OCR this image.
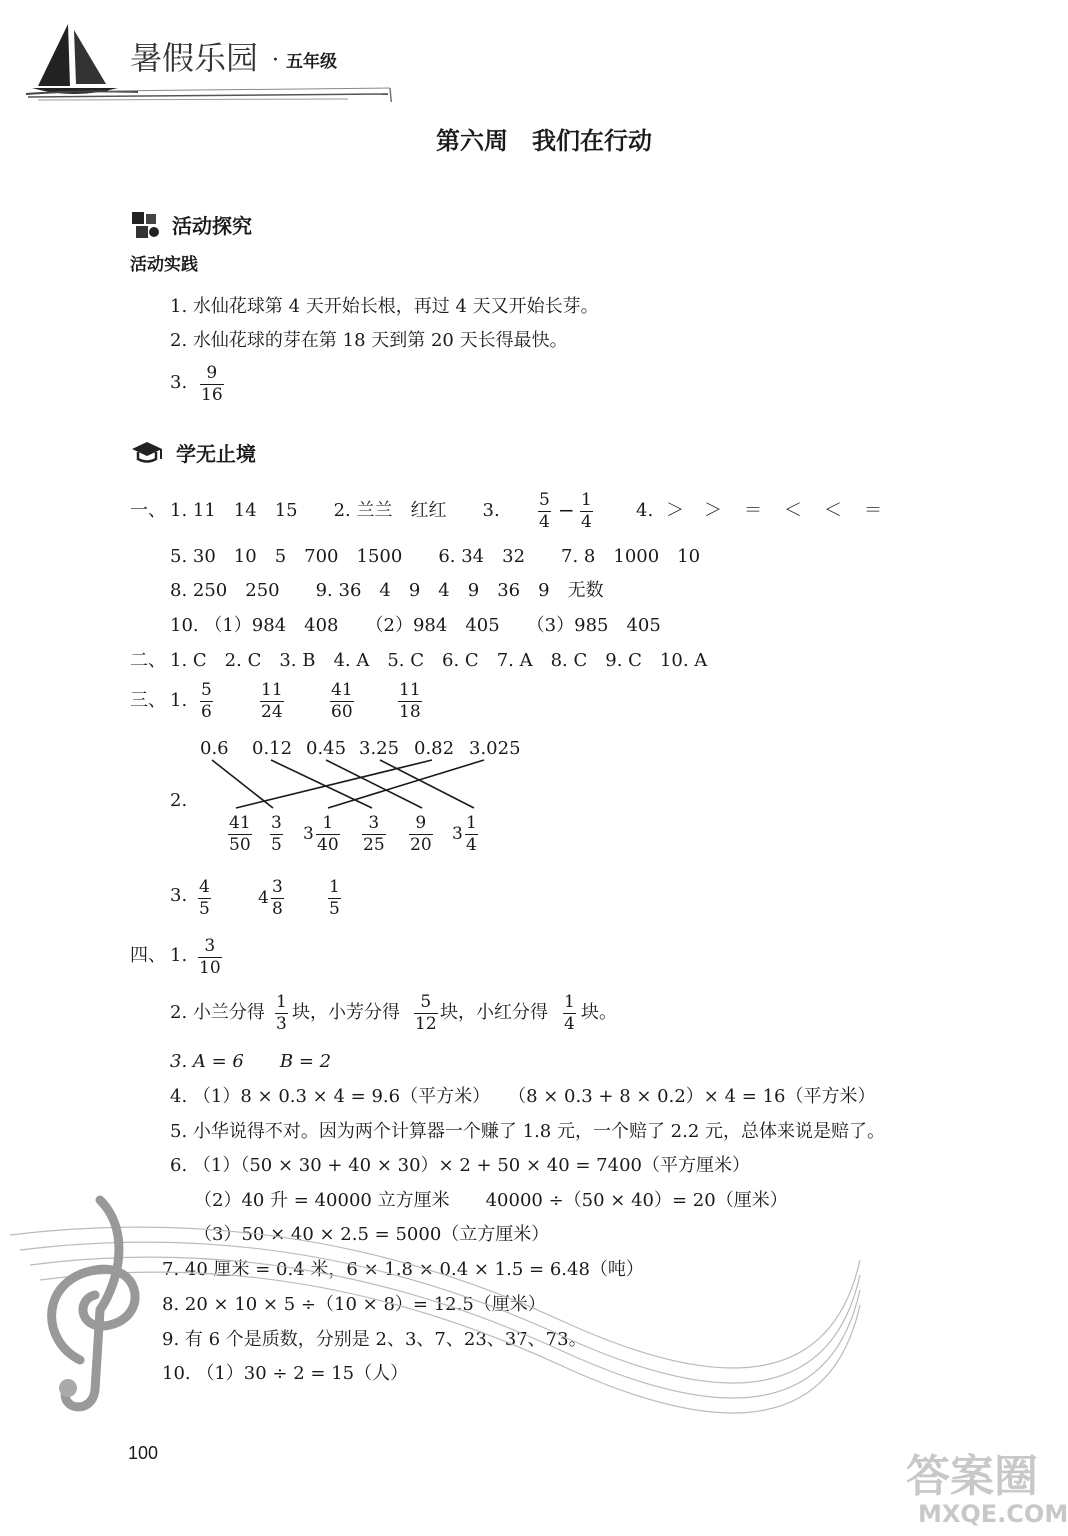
暑假乐园 · 五年级
第六周　我们在行动
活动探究
活动实践
1. 水仙花球第 4 天开始长根，再过 4 天又开始长芽。
2. 水仙花球的芽在第 18 天到第 20 天长得最快。
3. 9
16
学无止境
一、 1. 11　14　15　　2. 兰兰　红红　　3. 5
4 − 1
4
4. ＞ ＞ ＝ ＜ ＜ ＝
5. 30　10　5　700　1500　　6. 34　32　　7. 8　1000　10
8. 250　250　　9. 36　4　9　4　9　36　9　无数
10. （1）984　408　　（2）984　405　　（3）985　405
二、 1. C　2. C　3. B　4. A　5. C　6. C　7. A　8. C　9. C　10. A
三、 1. 5
6
11
24
41
60
11
18
0.6 0.12 0.45 3.25 0.82 3.025
2.
41
50
3
5
3
1
40
3
25
9
20
3
1
4
3. 4
5
4
3
8
1
5
四、 1. 3
10
2. 小兰分得 1
3
块，小芳分得 5
12
块，小红分得 1
4
块。
3. A = 6　　B = 2
4. （1）8 × 0.3 × 4 = 9.6（平方米）　　（8 × 0.3 + 8 × 0.2）× 4 = 16（平方米）
5. 小华说得不对。因为两个计算器一个赚了 1.8 元，一个赔了 2.2 元，总体来说是赔了。
6. （1）（50 × 30 + 40 × 30）× 2 + 50 × 40 = 7400（平方厘米）
（2）40 升 = 40000 立方厘米　　40000 ÷（50 × 40）= 20（厘米）
（3）50 × 40 × 2.5 = 5000（立方厘米）
7. 40 厘米 = 0.4 米，6 × 1.8 × 0.4 × 1.5 = 6.48（吨）
8. 20 × 10 × 5 ÷（10 × 8）= 12.5（厘米）
9. 有 6 个是质数，分别是 2、3、7、23、37、73。
10. （1）30 ÷ 2 = 15（人）
100	答案圈
MXQE.COM
